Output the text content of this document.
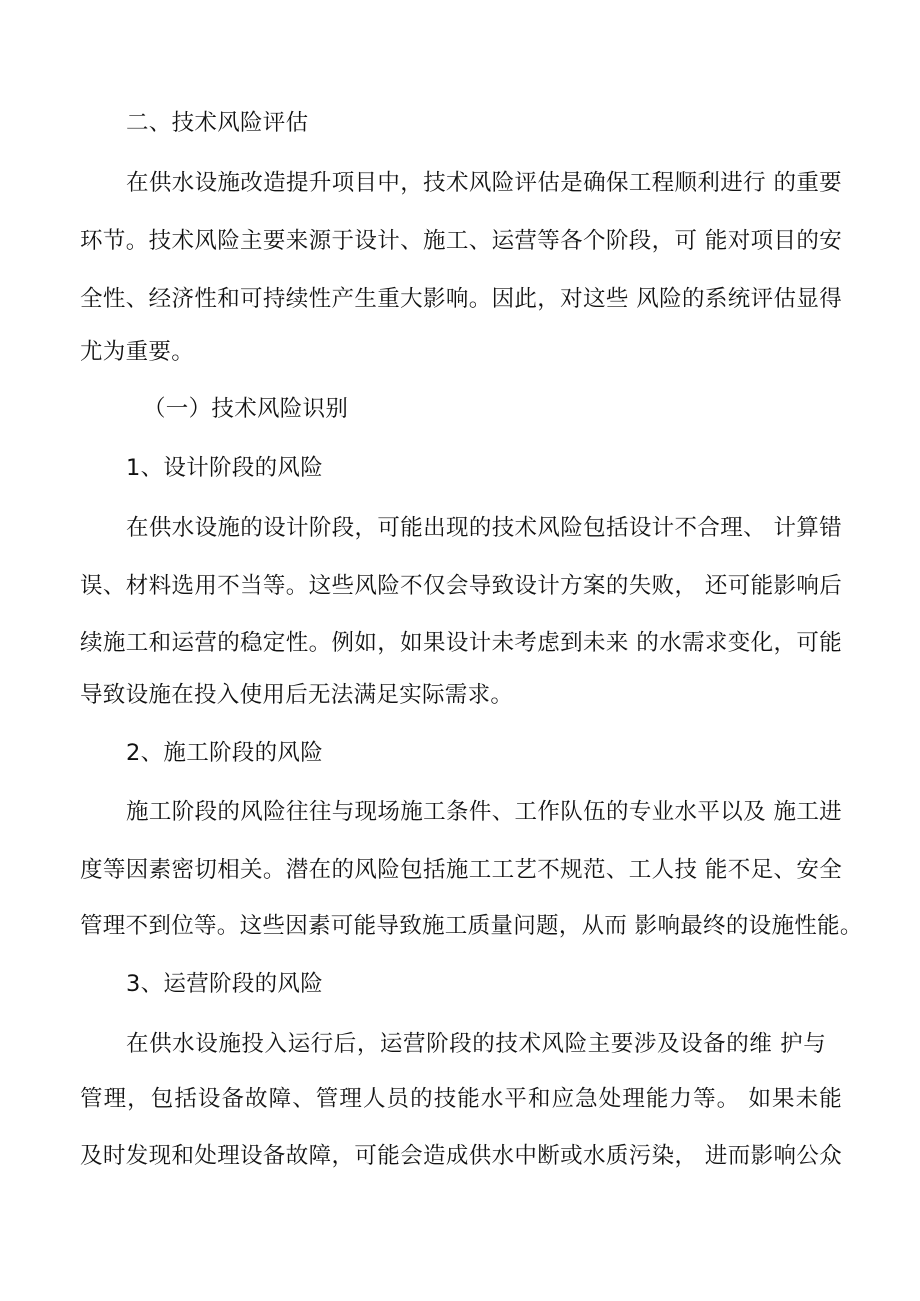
二、技术风险评估

在供水设施改造提升项目中，技术风险评估是确保工程顺利进行 的重要

环节。技术风险主要来源于设计、施工、运营等各个阶段，可 能对项目的安

全性、经济性和可持续性产生重大影响。因此，对这些 风险的系统评估显得

尤为重要。

（一）技术风险识别
1、设计阶段的风险

在供水设施的设计阶段，可能出现的技术风险包括设计不合理、 计算错

误、材料选用不当等。这些风险不仅会导致设计方案的失败， 还可能影响后

续施工和运营的稳定性。例如，如果设计未考虑到未来 的水需求变化，可能

导致设施在投入使用后无法满足实际需求。

2、施工阶段的风险

施工阶段的风险往往与现场施工条件、工作队伍的专业水平以及 施工进

度等因素密切相关。潜在的风险包括施工工艺不规范、工人技 能不足、安全

管理不到位等。这些因素可能导致施工质量问题，从而 影响最终的设施性能。

3、运营阶段的风险

在供水设施投入运行后，运营阶段的技术风险主要涉及设备的维 护与

管理，包括设备故障、管理人员的技能水平和应急处理能力等。 如果未能

及时发现和处理设备故障，可能会造成供水中断或水质污染， 进而影响公众
